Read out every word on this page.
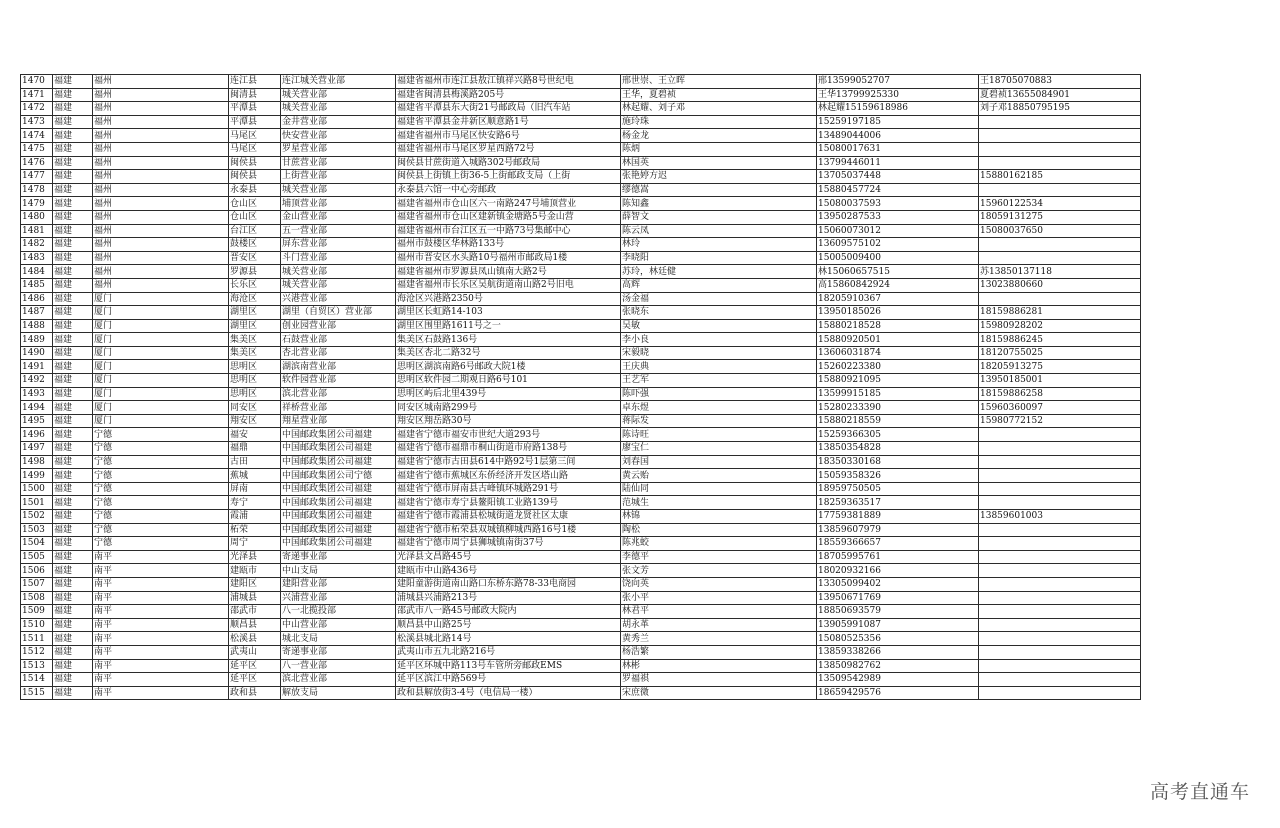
1470	福建	福州	连江县	连江城关营业部	福建省福州市连江县敖江镇祥兴路8号世纪电	邢世崇、王立晖	邢13599052707	王18705070883
1471	福建	福州	闽清县	城关营业部	福建省闽清县梅溪路205号	王华，夏碧祯	王华13799925330	夏碧祯13655084901
1472	福建	福州	平潭县	城关营业部	福建省平潭县东大街21号邮政局（旧汽车站	林起耀、刘子邓	林起耀15159618986	刘子邓18850795195
1473	福建	福州	平潭县	金井营业部	福建省平潭县金井新区顺意路1号	施玲珠	15259197185	
1474	福建	福州	马尾区	快安营业部	福建省福州市马尾区快安路6号	杨金龙	13489044006	
1475	福建	福州	马尾区	罗星营业部	福建省福州市马尾区罗星西路72号	陈炳	15080017631	
1476	福建	福州	闽侯县	甘蔗营业部	闽侯县甘蔗街道入城路302号邮政局	林国英	13799446011	
1477	福建	福州	闽侯县	上街营业部	闽侯县上街镇上街36-5上街邮政支局（上街	张艳婷方迟	13705037448	15880162185
1478	福建	福州	永泰县	城关营业部	永泰县六馆一中心旁邮政	缪德嵩	15880457724	
1479	福建	福州	仓山区	埔顶营业部	福建省福州市仓山区六一南路247号埔顶营业	陈知鑫	15080037593	15960122534
1480	福建	福州	仓山区	金山营业部	福建省福州市仓山区建新镇金塘路5号金山营	薛智文	13950287533	18059131275
1481	福建	福州	台江区	五一营业部	福建省福州市台江区五一中路73号集邮中心	陈云凤	15060073012	15080037650
1482	福建	福州	鼓楼区	屏东营业部	福州市鼓楼区华林路133号	林玲	13609575102	
1483	福建	福州	晋安区	斗门营业部	福州市晋安区水头路10号福州市邮政局1楼	李晓阳	15005009400	
1484	福建	福州	罗源县	城关营业部	福建省福州市罗源县凤山镇南大路2号	苏玲，林廷健	林15060657515	苏13850137118
1485	福建	福州	长乐区	城关营业部	福建省福州市长乐区吴航街道南山路2号旧电	高辉	高15860842924	13023880660
1486	福建	厦门	海沧区	兴港营业部	海沧区兴港路2350号	汤金福	18205910367	
1487	福建	厦门	湖里区	湖里（自贸区）营业部	湖里区长虹路14-103	张晓东	13950185026	18159886281
1488	福建	厦门	湖里区	创业园营业部	湖里区围里路1611号之一	吴敏	15880218528	15980928202
1489	福建	厦门	集美区	石鼓营业部	集美区石鼓路136号	李小良	15880920501	18159886245
1490	福建	厦门	集美区	杏北营业部	集美区杏北二路32号	宋毅晓	13606031874	18120755025
1491	福建	厦门	思明区	湖滨南营业部	思明区湖滨南路6号邮政大院1楼	王庆典	15260223380	18205913275
1492	福建	厦门	思明区	软件园营业部	思明区软件园二期观日路6号101	王艺军	15880921095	13950185001
1493	福建	厦门	思明区	滨北营业部	思明区屿后北里439号	陈吓强	13599915185	18159886258
1494	福建	厦门	同安区	祥桥营业部	同安区城南路299号	卓东煜	15280233390	15960360097
1495	福建	厦门	翔安区	翔星营业部	翔安区翔岳路30号	蒋际发	15880218559	15980772152
1496	福建	宁德	福安	中国邮政集团公司福建	福建省宁德市福安市世纪大道293号	陈诗旺	15259366305	
1497	福建	宁德	福鼎	中国邮政集团公司福建	福建省宁德市福鼎市桐山街道市府路138号	廖宝仁	13850354828	
1498	福建	宁德	古田	中国邮政集团公司福建	福建省宁德市古田县614中路92号1层第三间	刘春国	18350330168	
1499	福建	宁德	蕉城	中国邮政集团公司宁德	福建省宁德市蕉城区东侨经济开发区塔山路	黄云贻	15059358326	
1500	福建	宁德	屏南	中国邮政集团公司福建	福建省宁德市屏南县古峰镇环城路291号	陆仙同	18959750505	
1501	福建	宁德	寿宁	中国邮政集团公司福建	福建省宁德市寿宁县鳌阳镇工业路139号	范城生	18259363517	
1502	福建	宁德	霞浦	中国邮政集团公司福建	福建省宁德市霞浦县松城街道龙贤社区太康	林锦	17759381889	13859601003
1503	福建	宁德	柘荣	中国邮政集团公司福建	福建省宁德市柘荣县双城镇柳城西路16号1楼	陶松	13859607979	
1504	福建	宁德	周宁	中国邮政集团公司福建	福建省宁德市周宁县狮城镇南街37号	陈兆蛟	18559366657	
1505	福建	南平	光泽县	寄递事业部	光泽县文昌路45号	李德平	18705995761	
1506	福建	南平	建瓯市	中山支局	建瓯市中山路436号	张文芳	18020932166	
1507	福建	南平	建阳区	建阳营业部	建阳童游街道南山路口东桥东路78-33电商园	饶向英	13305099402	
1508	福建	南平	浦城县	兴浦营业部	浦城县兴浦路213号	张小平	13950671769	
1509	福建	南平	邵武市	八一北揽投部	邵武市八一路45号邮政大院内	林君平	18850693579	
1510	福建	南平	顺昌县	中山营业部	顺昌县中山路25号	胡永革	13905991087	
1511	福建	南平	松溪县	城北支局	松溪县城北路14号	黄秀兰	15080525356	
1512	福建	南平	武夷山	寄递事业部	武夷山市五九北路216号	杨浩繁	13859338266	
1513	福建	南平	延平区	八一营业部	延平区环城中路113号车管所旁邮政EMS	林彬	13850982762	
1514	福建	南平	延平区	滨北营业部	延平区滨江中路569号	罗福祺	13509542989	
1515	福建	南平	政和县	解放支局	政和县解放街3-4号（电信局一楼）	宋庶微	18659429576	
高考直通车
